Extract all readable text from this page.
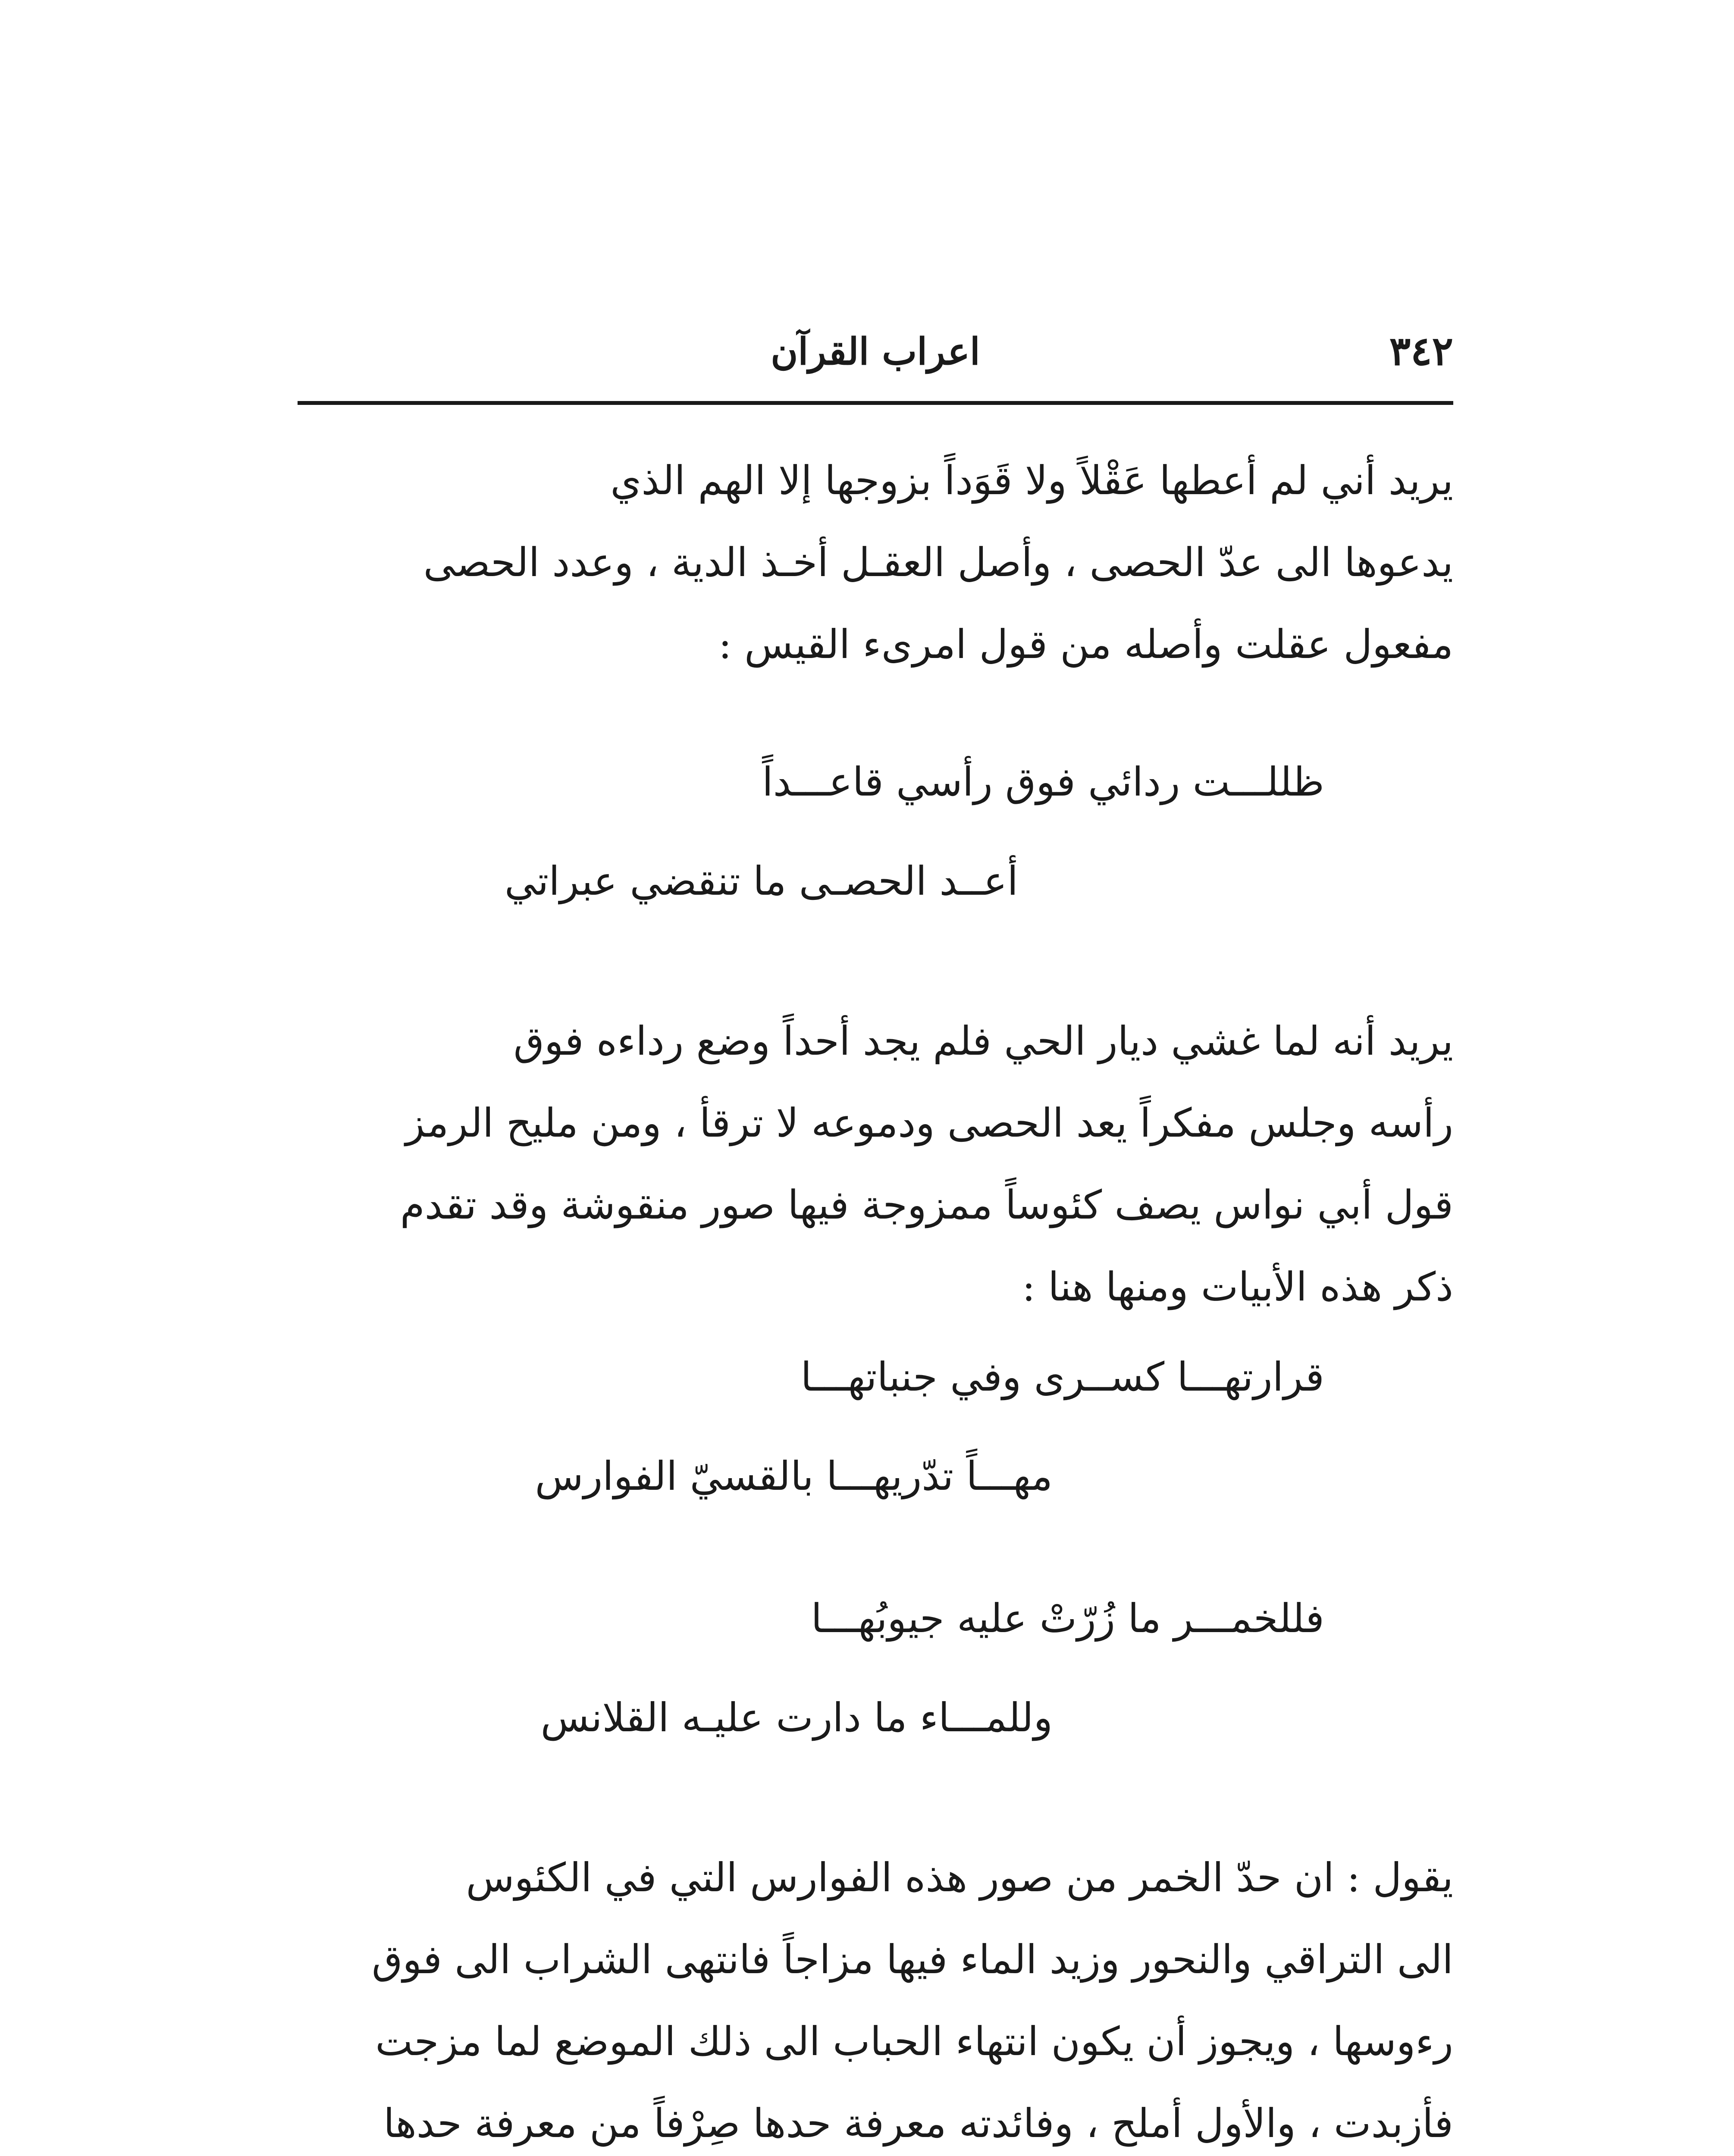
٣٤٢
اعراب القرآن
يريد أني لم أعطها عَقْلاً ولا قَوَداً بزوجها إلا الهم الذي
يدعوها الى عدّ الحصى ، وأصل العقـل أخـذ الدية ، وعدد الحصى
مفعول عقلت وأصله من قول امرىء القيس :
ظللـــت ردائي فوق رأسي قاعـــداً
أعــد الحصـى ما تنقضي عبراتي
يريد أنه لما غشي ديار الحي فلم يجد أحداً وضع رداءه فوق
رأسه وجلس مفكراً يعد الحصى ودموعه لا ترقأ ، ومن مليح الرمز
قول أبي نواس يصف كئوساً ممزوجة فيها صور منقوشة وقد تقدم
ذكر هذه الأبيات ومنها هنا :
قرارتهـــا كســرى وفي جنباتهـــا
مهـــاً تدّريهـــا بالقسيّ الفوارس
فللخمـــر ما زُرّتْ عليه جيوبُهـــا
وللمـــاء ما دارت عليـه القلانس
يقول : ان حدّ الخمر من صور هذه الفوارس التي في الكئوس
الى التراقي والنحور وزيد الماء فيها مزاجاً فانتهى الشراب الى فوق
رءوسها ، ويجوز أن يكون انتهاء الحباب الى ذلك الموضع لما مزجت
فأزبدت ، والأول أملح ، وفائدته معرفة حدها صِرْفاً من معرفة حدها
